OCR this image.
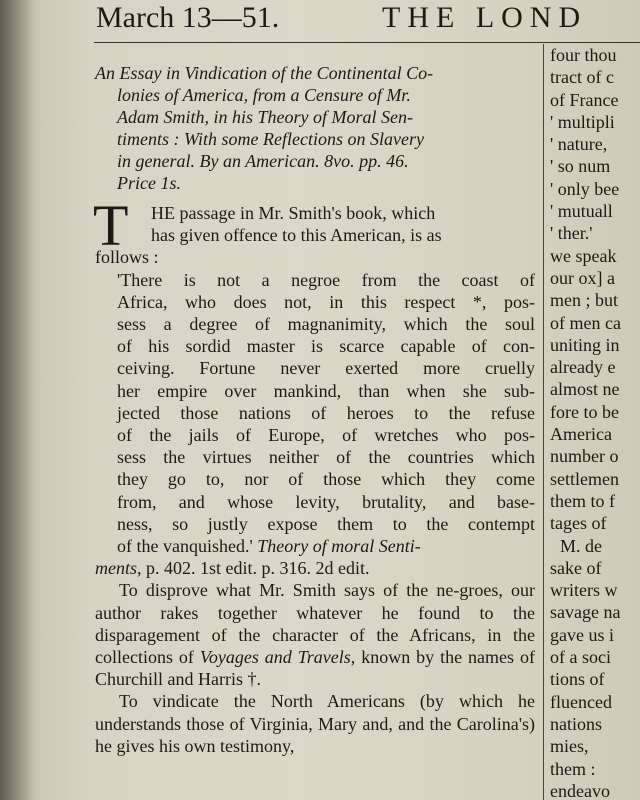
March 13—51.	THE LOND

An Essay in Vindication of the Continental Co-
lonies of America, from a Censure of Mr.
Adam Smith, in his Theory of Moral Sen-
timents : With some Reflections on Slavery
in general. By an American. 8vo. pp. 46.
Price 1s.

T HE passage in Mr. Smith's book, which
has given offence to this American, is as
follows :
'There is not a negroe from the coast of
Africa, who does not, in this respect *, pos-
sess a degree of magnanimity, which the soul
of his sordid master is scarce capable of con-
ceiving. Fortune never exerted more cruelly
her empire over mankind, than when she sub-
jected those nations of heroes to the refuse
of the jails of Europe, of wretches who pos-
sess the virtues neither of the countries which
they go to, nor of those which they come
from, and whose levity, brutality, and base-
ness, so justly expose them to the contempt
of the vanquished.' Theory of moral Senti-
ments, p. 402. 1st edit. p. 316. 2d edit.

To disprove what Mr. Smith says of the ne-groes, our author rakes together whatever he found to the disparagement of the character of the Africans, in the collections of Voyages and Travels, known by the names of Churchill and Harris †.

To vindicate the North Americans (by which he understands those of Virginia, Mary and, and the Carolina's) he gives his own testimony,

four thou
tract of c
of France
' multipli
' nature,
' so num
' only bee
' mutuall
' ther.'
we speak
our ox] a
men ; but
of men ca
uniting in
already e
almost ne
fore to be
America
number o
settlemen
them to f
tages of
M. de
sake of
writers w
savage na
gave us i
of a soci
tions of
fluenced
nations
mies,
them :
endeavo
